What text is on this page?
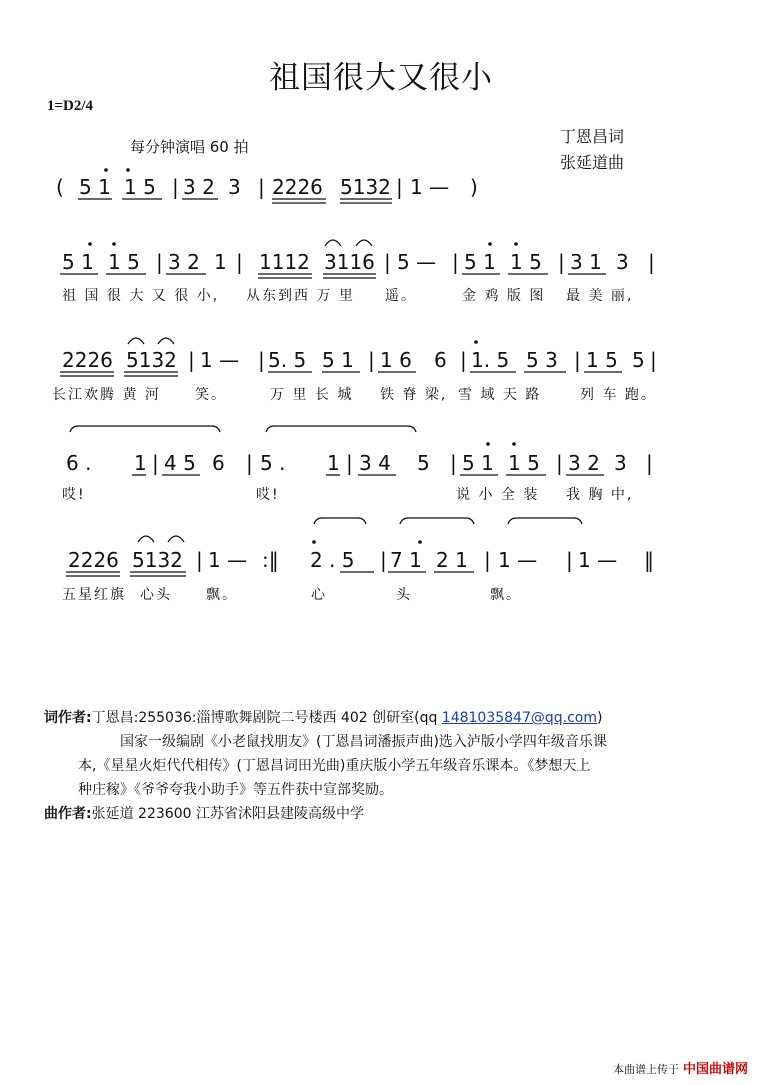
祖国很大又很小
1=D2/4
每分钟演唱 60 拍
丁恩昌词
张延道曲
( 5 1 1 5 | 3 2 3 | 2226 5132 | 1 — )
5 1 1 5 | 3 2 1 | 1112 3116 | 5 — | 5 1 1 5 | 3 1 3 |
祖 国 很 大 又 很 小, 从东到西 万 里 遥。	金 鸡 版 图 最 美 丽,
2226 5132 | 1 — | 5. 5 5 1 | 1 6 6 | 1. 5 5 3 | 1 5 5 |
长江欢腾 黄 河 笑。	万 里 长 城 铁 脊 梁, 雪 域 天 路	列 车 跑。
6 . 1 | 4 5 6 | 5 . 1 | 3 4 5 | 5 1 1 5 | 3 2 3 |
哎!	哎!	说 小 全 装 我 胸 中,
2226 5132 | 1 — :‖ 2 . 5 | 7 1 2 1 | 1 — | 1 — ‖
五星红旗 心头 飘。	心	头	飘。
词作者:丁恩昌:255036:淄博歌舞剧院二号楼西 402 创研室(qq 1481035847@qq.com)
国家一级编剧《小老鼠找朋友》(丁恩昌词潘振声曲)选入泸版小学四年级音乐课
本,《星星火炬代代相传》(丁恩昌词田光曲)重庆版小学五年级音乐课本。《梦想天上
种庄稼》《爷爷夸我小助手》等五件获中宣部奖励。
曲作者:张延道 223600 江苏省沭阳县建陵高级中学
本曲谱上传于 中国曲谱网
